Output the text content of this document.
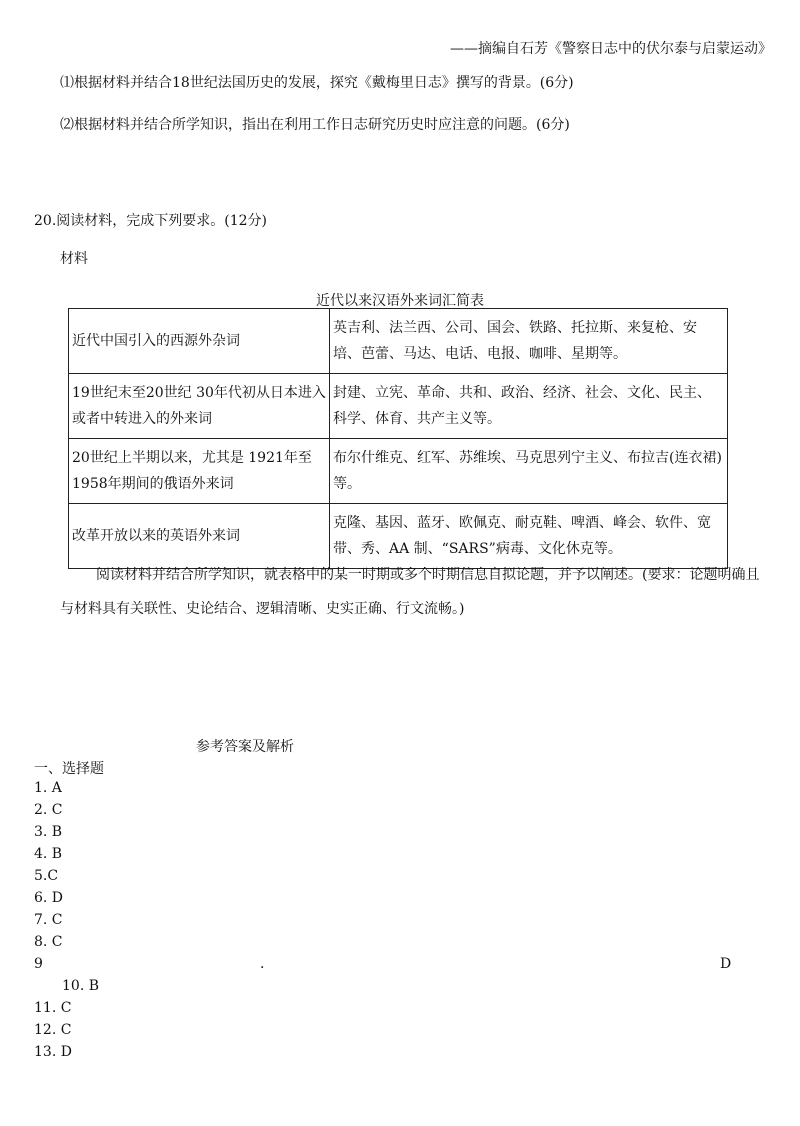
——摘编自石芳《警察日志中的伏尔泰与启蒙运动》
⑴根据材料并结合18世纪法国历史的发展，探究《戴梅里日志》撰写的背景。(6分)
⑵根据材料并结合所学知识，指出在利用工作日志研究历史时应注意的问题。(6分)
20.阅读材料，完成下列要求。(12分)
材料
近代以来汉语外来词汇简表
近代中国引入的西源外杂词	英吉利、法兰西、公司、国会、铁路、托拉斯、来复枪、安培、芭蕾、马达、电话、电报、咖啡、星期等。
19世纪末至20世纪 30年代初从日本进入或者中转进入的外来词	封建、立宪、革命、共和、政治、经济、社会、文化、民主、科学、体育、共产主义等。
20世纪上半期以来，尤其是 1921年至1958年期间的俄语外来词	布尔什维克、红军、苏维埃、马克思列宁主义、布拉吉(连衣裙)等。
改革开放以来的英语外来词	克隆、基因、蓝牙、欧佩克、耐克鞋、啤酒、峰会、软件、宽带、秀、AA 制、“SARS”病毒、文化休克等。
阅读材料并结合所学知识，就表格中的某一时期或多个时期信息自拟论题，并予以阐述。(要求：论题明确且与材料具有关联性、史论结合、逻辑清晰、史实正确、行文流畅。)
参考答案及解析
一、选择题
1. A
2. C
3. B
4. B
5.C
6. D
7. C
8. C
9	.	D
10. B
11. C
12. C
13. D
